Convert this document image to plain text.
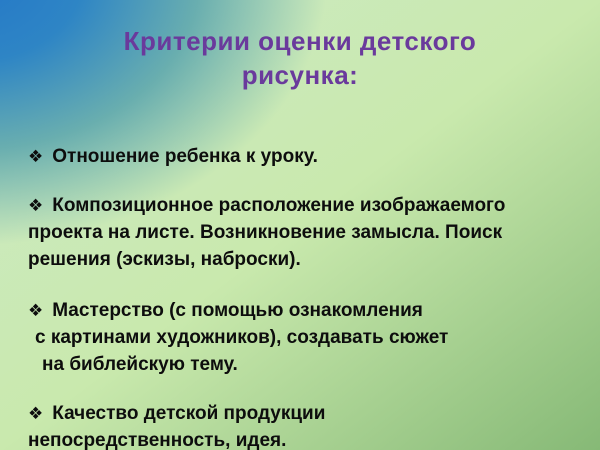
Критерии оценки детского
рисунка:
❖ Отношение ребенка к уроку.
❖ Композиционное расположение изображаемого
проекта на листе. Возникновение замысла. Поиск
решения (эскизы, наброски).
❖ Мастерство (с помощью ознакомления
с картинами художников), создавать сюжет
на библейскую тему.
❖ Качество детской продукции
непосредственность, идея.
